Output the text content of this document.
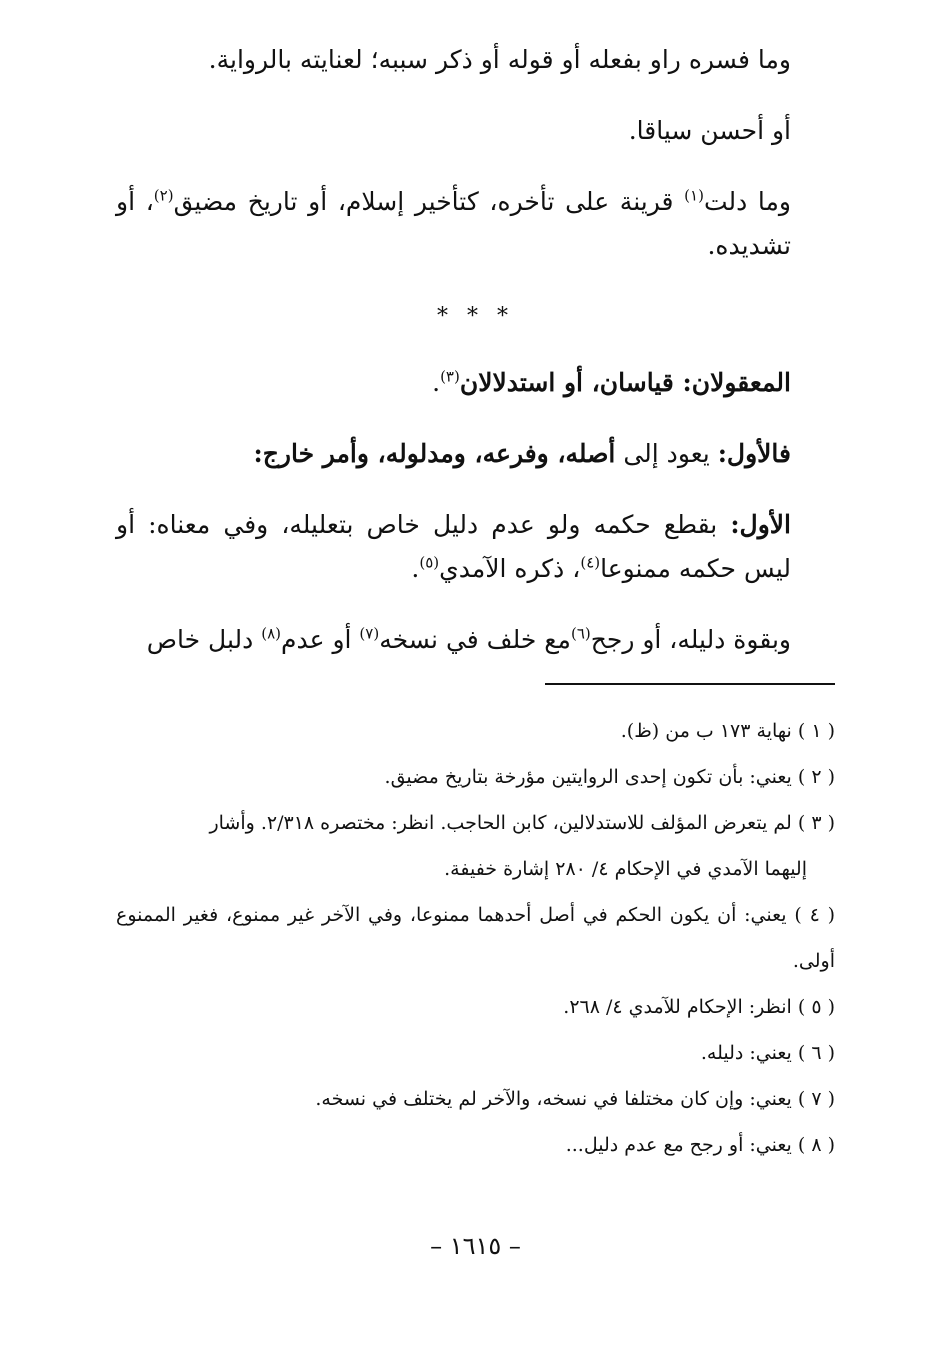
وما فسره راو بفعله أو قوله أو ذكر سببه؛ لعنايته بالرواية.

أو أحسن سياقا.

وما دلت$^{(١)}$ قرينة على تأخره، كتأخير إسلام، أو تاريخ مضيق$^{(٢)}$، أو تشديده.

* * *

المعقولان: قياسان، أو استدلالان$^{(٣)}$.

فالأول: يعود إلى أصله، وفرعه، ومدلوله، وأمر خارج:

الأول: بقطع حكمه ولو عدم دليل خاص بتعليله، وفي معناه: أو ليس حكمه ممنوعا$^{(٤)}$، ذكره الآمدي$^{(٥)}$.

وبقوة دليله، أو رجح$^{(٦)}$مع خلف في نسخه$^{(٧)}$ أو عدم$^{(٨)}$ دلبل خاص

( ١ ) نهاية ١٧٣ ب من (ظ).

( ٢ ) يعني: بأن تكون إحدى الروايتين مؤرخة بتاريخ مضيق.

( ٣ ) لم يتعرض المؤلف للاستدلالين، كابن الحاجب. انظر: مختصره ٢/٣١٨. وأشار
إليهما الآمدي في الإحكام ٤/ ٢٨٠ إشارة خفيفة.

( ٤ ) يعني: أن يكون الحكم في أصل أحدهما ممنوعا، وفي الآخر غير ممنوع، فغير الممنوع أولى.

( ٥ ) انظر: الإحكام للآمدي ٤/ ٢٦٨.

( ٦ ) يعني: دليله.

( ٧ ) يعني: وإن كان مختلفا في نسخه، والآخر لم يختلف في نسخه.

( ٨ ) يعني: أو رجح مع عدم دليل...

– ١٦١٥ –
